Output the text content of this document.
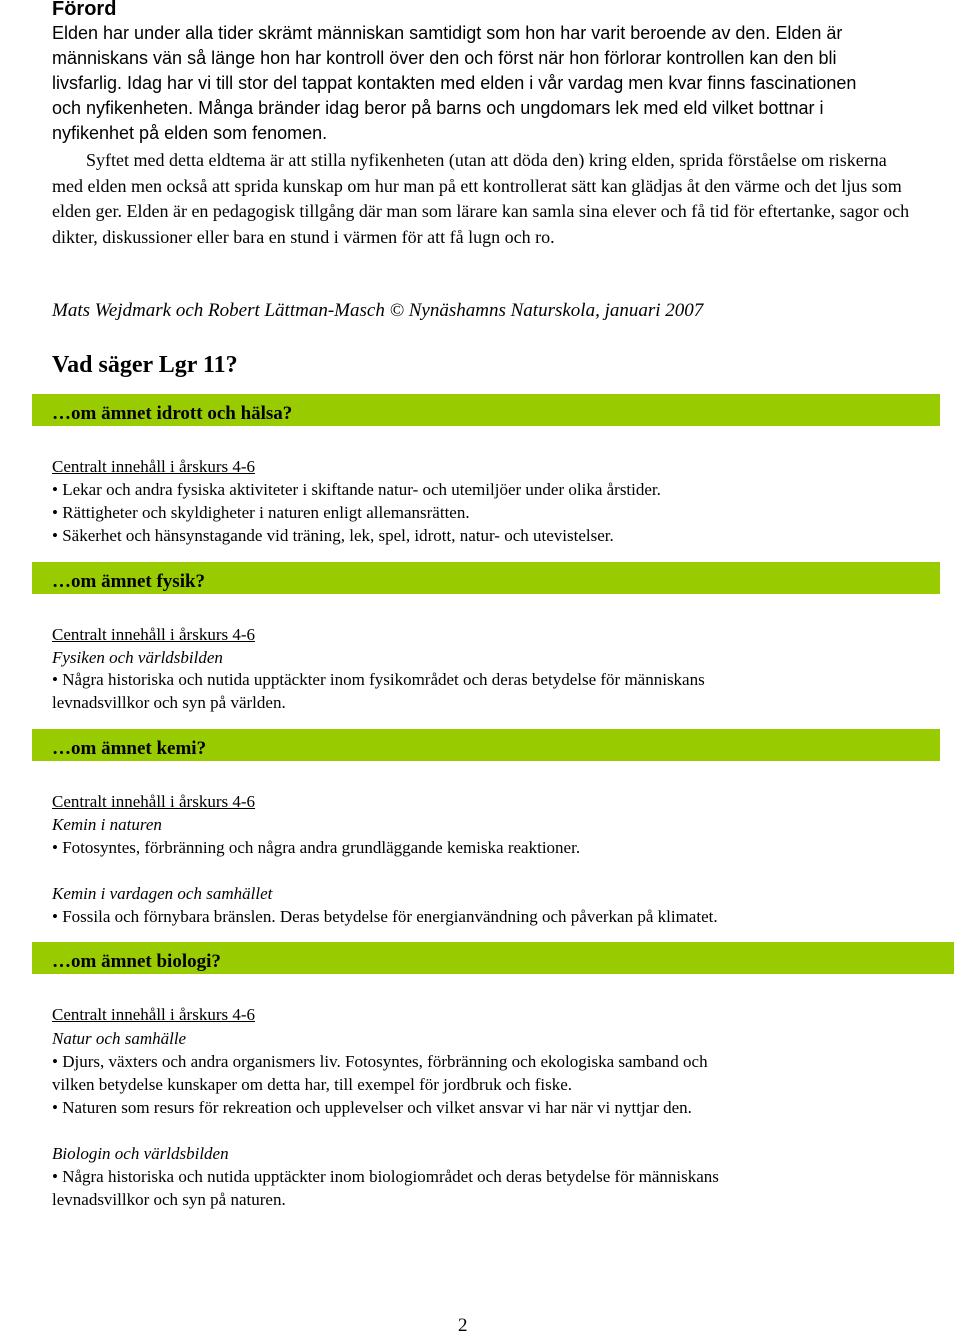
Förord

Elden har under alla tider skrämt människan samtidigt som hon har varit beroende av den. Elden är människans vän så länge hon har kontroll över den och först när hon förlorar kontrollen kan den bli livsfarlig. Idag har vi till stor del tappat kontakten med elden i vår vardag men kvar finns fascinationen och nyfikenheten. Många bränder idag beror på barns och ungdomars lek med eld vilket bottnar i nyfikenhet på elden som fenomen.

Syftet med detta eldtema är att stilla nyfikenheten (utan att döda den) kring elden, sprida förståelse om riskerna med elden men också att sprida kunskap om hur man på ett kontrollerat sätt kan glädjas åt den värme och det ljus som elden ger. Elden är en pedagogisk tillgång där man som lärare kan samla sina elever och få tid för eftertanke, sagor och dikter, diskussioner eller bara en stund i värmen för att få lugn och ro.

Mats Wejdmark och Robert Lättman-Masch © Nynäshamns Naturskola, januari 2007
Vad säger Lgr 11?
…om ämnet idrott och hälsa?
Centralt innehåll i årskurs 4-6
• Lekar och andra fysiska aktiviteter i skiftande natur- och utemiljöer under olika årstider.
• Rättigheter och skyldigheter i naturen enligt allemansrätten.
• Säkerhet och hänsynstagande vid träning, lek, spel, idrott, natur- och utevistelser.
…om ämnet fysik?
Centralt innehåll i årskurs 4-6
Fysiken och världsbilden
• Några historiska och nutida upptäckter inom fysikområdet och deras betydelse för människans
levnadsvillkor och syn på världen.
…om ämnet kemi?
Centralt innehåll i årskurs 4-6
Kemin i naturen
• Fotosyntes, förbränning och några andra grundläggande kemiska reaktioner.
Kemin i vardagen och samhället
• Fossila och förnybara bränslen. Deras betydelse för energianvändning och påverkan på klimatet.
…om ämnet biologi?
Centralt innehåll i årskurs 4-6
Natur och samhälle
• Djurs, växters och andra organismers liv. Fotosyntes, förbränning och ekologiska samband och
vilken betydelse kunskaper om detta har, till exempel för jordbruk och fiske.
• Naturen som resurs för rekreation och upplevelser och vilket ansvar vi har när vi nyttjar den.
Biologin och världsbilden
• Några historiska och nutida upptäckter inom biologiområdet och deras betydelse för människans
levnadsvillkor och syn på naturen.
2
